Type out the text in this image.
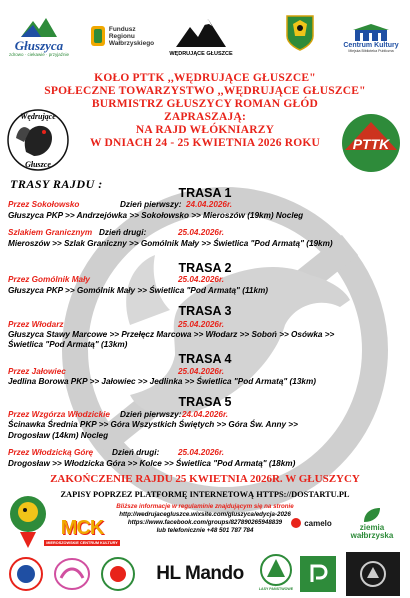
Głuszyca
zdrowo · ciekawie · przyjaźnie
Fundusz
Regionu
Wałbrzyskiego
WĘDRUJĄCE GŁUSZCE
Centrum Kultury
Miejska Biblioteka Publiczna
KOŁO PTTK ,,WĘDRUJĄCE GŁUSZCE"
SPOŁECZNE TOWARZYSTWO ,,WĘDRUJĄCE GŁUSZCE"
BURMISTRZ GŁUSZYCY ROMAN GŁÓD
ZAPRASZAJĄ:
NA RAJD WŁÓKNIARZY
W DNIACH 24 - 25 KWIETNIA 2026 ROKU
Wędrujące
Głuszce
PTTK
TRASY RAJDU :
TRASA 1
Przez Sokołowsko	Dzień pierwszy: 24.04.2026r.
Głuszyca PKP >> Andrzejówka >> Sokołowsko >> Mieroszów (19km) Nocleg
Szlakiem Granicznym Dzień drugi:	25.04.2026r.
Mieroszów >> Szlak Graniczny >> Gomólnik Mały >> Świetlica "Pod Armatą" (19km)
TRASA 2
Przez Gomólnik Mały	25.04.2026r.
Głuszyca PKP >> Gomólnik Mały >> Świetlica "Pod Armatą" (11km)
TRASA 3
Przez Włodarz	25.04.2026r.
Głuszyca Stawy Marcowe >> Przełęcz Marcowa >> Włodarz >> Soboń >> Osówka >>
Świetlica "Pod Armatą" (13km)
TRASA 4
Przez Jałowiec	25.04.2026r.
Jedlina Borowa PKP >> Jałowiec >> Jedlinka >> Świetlica "Pod Armatą" (13km)
TRASA 5
Przez Wzgórza Włodzickie Dzień pierwszy: 24.04.2026r.
Ścinawka Średnia PKP >> Góra Wszystkich Świętych >> Góra Św. Anny >>
Drogosław (14km) Nocleg
Przez Włodzicką Górę Dzień drugi: 25.04.2026r.
Drogosław >> Włodzicka Góra >> Kolce >> Świetlica "Pod Armatą" (18km)
ZAKOŃCZENIE RAJDU 25 KWIETNIA 2026R. W GŁUSZYCY
ZAPISY POPRZEZ PLATFORMĘ INTERNETOWĄ HTTPS://DOSTARTU.PL
Bliższe informacje w regulaminie znajdującym się na stronie
http://wedrujacegluszce.wixsite.com/gluszyca/edycja-2026
https://www.facebook.com/groups/827890265948839
lub telefonicznie +48 501 787 784
MCK
MIEROSZOWSKIE CENTRUM KULTURY
camelo	ziemia
wałbrzyska
HL Mando
LASY PAŃSTWOWE
